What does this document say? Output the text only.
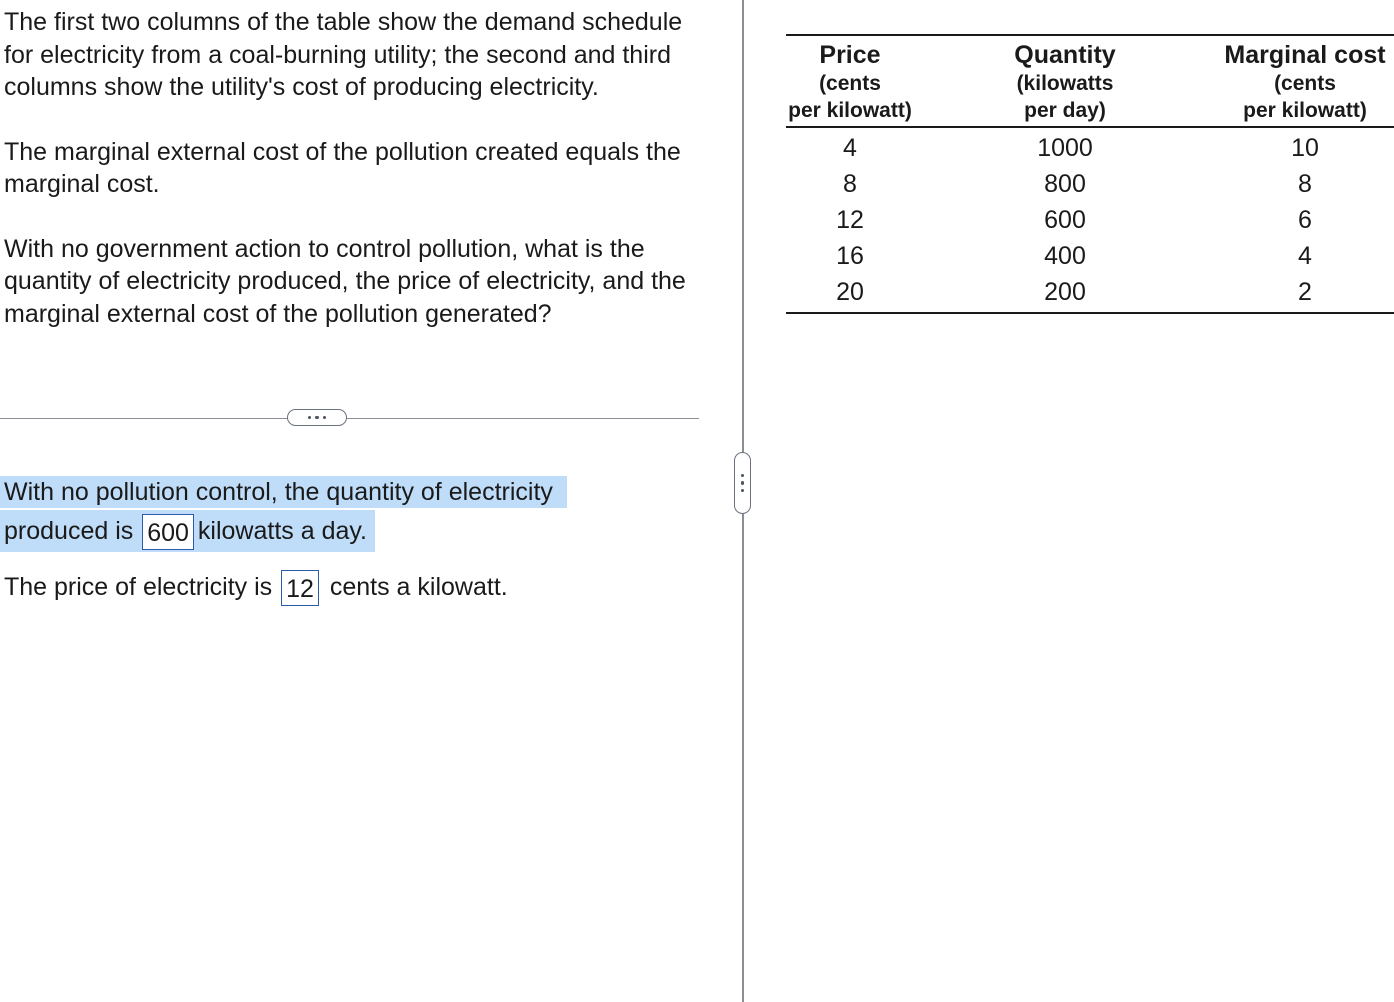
The first two columns of the table show the demand schedule for electricity from a coal-burning utility; the second and third columns show the utility's cost of producing electricity.

The marginal external cost of the pollution created equals the marginal cost.

With no government action to control pollution, what is the quantity of electricity produced, the price of electricity, and the marginal external cost of the pollution generated?

With no pollution control, the quantity of electricity
produced is 600 kilowatts a day.
The price of electricity is 12 cents a kilowatt.
Price
(cents
per kilowatt)	Quantity
(kilowatts
per day)	Marginal cost
(cents
per kilowatt)

4	1000	10
8	800	8
12	600	6
16	400	4
20	200	2
